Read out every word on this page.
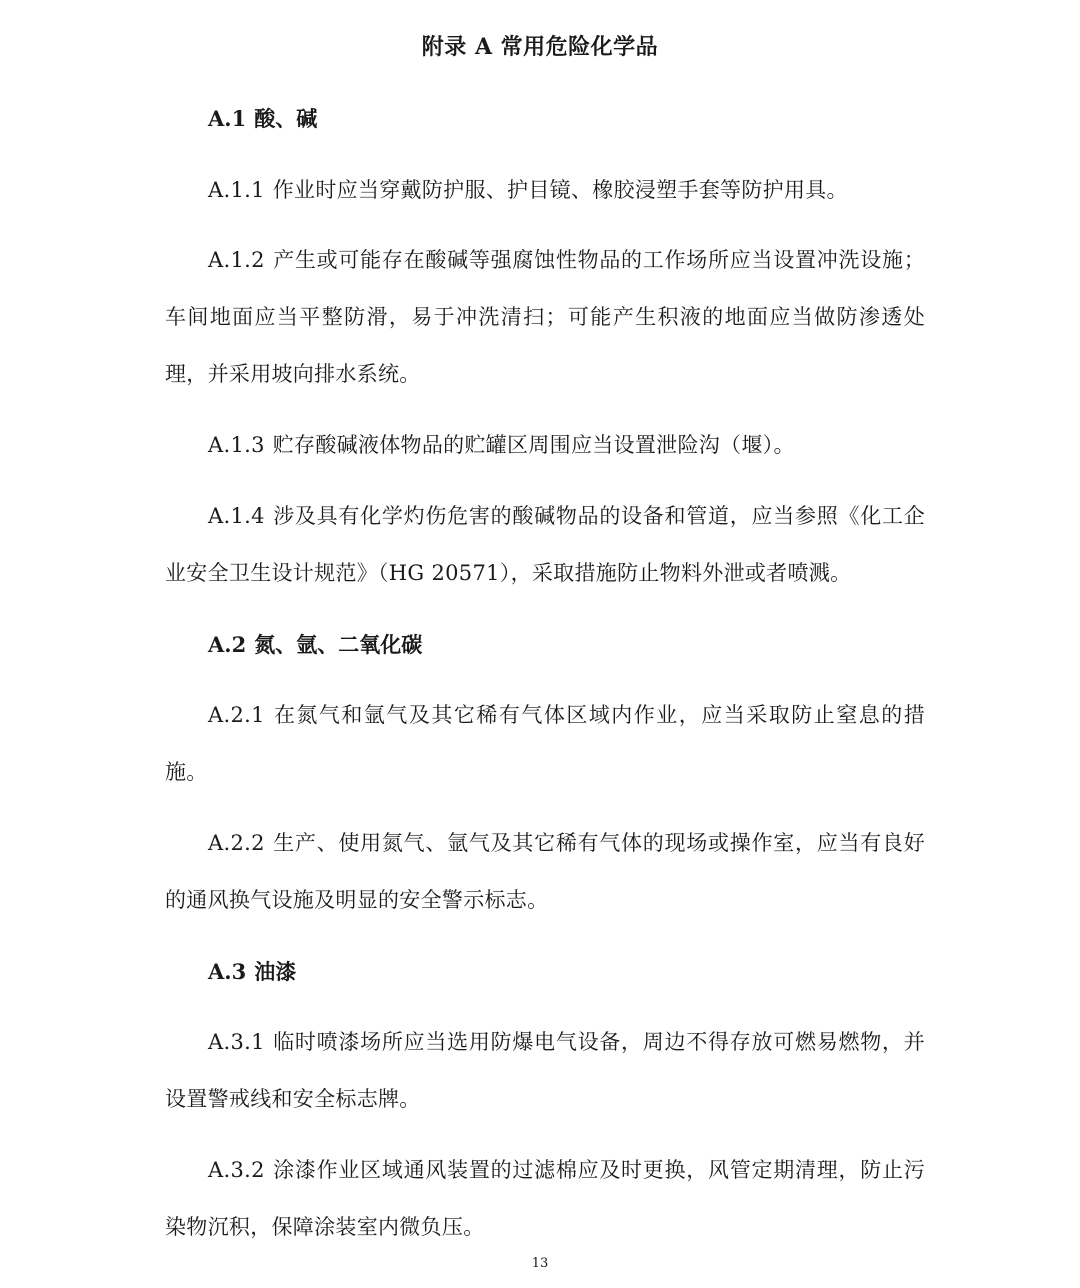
附录 A 常用危险化学品
A.1 酸、碱
A.1.1 作业时应当穿戴防护服、护目镜、橡胶浸塑手套等防护用具。
A.1.2 产生或可能存在酸碱等强腐蚀性物品的工作场所应当设置冲洗设施；车间地面应当平整防滑，易于冲洗清扫；可能产生积液的地面应当做防渗透处理，并采用坡向排水系统。
A.1.3 贮存酸碱液体物品的贮罐区周围应当设置泄险沟（堰）。
A.1.4 涉及具有化学灼伤危害的酸碱物品的设备和管道，应当参照《化工企业安全卫生设计规范》（HG 20571），采取措施防止物料外泄或者喷溅。
A.2 氮、氩、二氧化碳
A.2.1 在氮气和氩气及其它稀有气体区域内作业，应当采取防止窒息的措施。
A.2.2 生产、使用氮气、氩气及其它稀有气体的现场或操作室，应当有良好的通风换气设施及明显的安全警示标志。
A.3 油漆
A.3.1 临时喷漆场所应当选用防爆电气设备，周边不得存放可燃易燃物，并设置警戒线和安全标志牌。
A.3.2 涂漆作业区域通风装置的过滤棉应及时更换，风管定期清理，防止污染物沉积，保障涂装室内微负压。
13
